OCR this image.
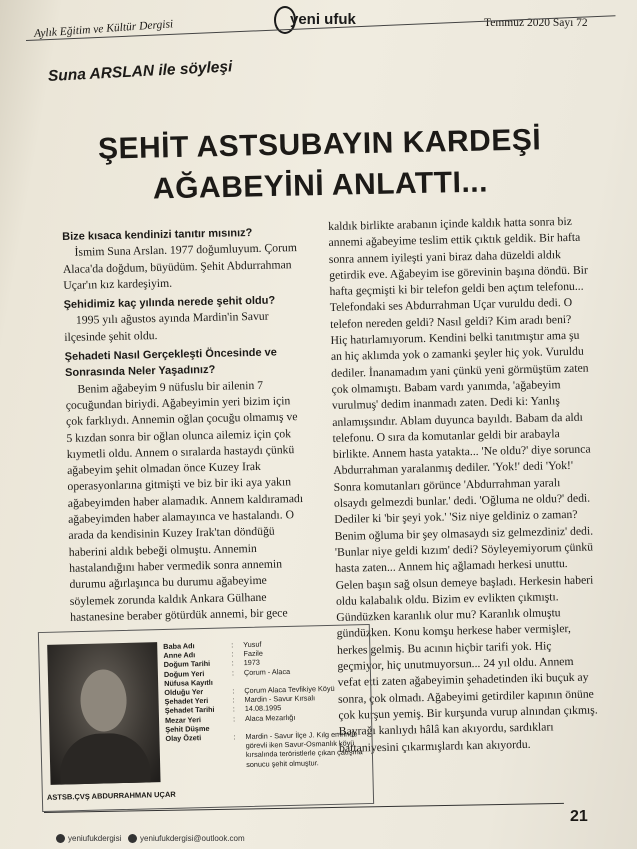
Aylık Eğitim ve Kültür Dergisi	yeni ufuk	Temmuz 2020 Sayı 72
Suna ARSLAN ile söyleşi
ŞEHİT ASTSUBAYIN KARDEŞİ
AĞABEYİNİ ANLATTI...

Bize kısaca kendinizi tanıtır mısınız?

İsmim Suna Arslan. 1977 doğumluyum. Çorum Alaca'da doğdum, büyüdüm. Şehit Abdurrahman Uçar'ın kız kardeşiyim.

Şehidimiz kaç yılında nerede şehit oldu?

1995 yılı ağustos ayında Mardin'in Savur ilçesinde şehit oldu.

Şehadeti Nasıl Gerçekleşti Öncesinde ve Sonrasında Neler Yaşadınız?

Benim ağabeyim 9 nüfuslu bir ailenin 7 çocuğundan biriydi. Ağabeyimin yeri bizim için çok farklıydı. Annemin oğlan çocuğu olmamış ve 5 kızdan sonra bir oğlan olunca ailemiz için çok kıymetli oldu. Annem o sıralarda hastaydı çünkü ağabeyim şehit olmadan önce Kuzey Irak operasyonlarına gitmişti ve biz bir iki aya yakın ağabeyimden haber alamadık. Annem kaldıramadı ağabeyimden haber alamayınca ve hastalandı. O arada da kendisinin Kuzey Irak'tan döndüğü haberini aldık bebeği olmuştu. Annemin hastalandığını haber vermedik sonra annemin durumu ağırlaşınca bu durumu ağabeyime söylemek zorunda kaldık Ankara Gülhane hastanesine beraber götürdük annemi, bir gece

kaldık birlikte arabanın içinde kaldık hatta sonra biz annemi ağabeyime teslim ettik çıktık geldik. Bir hafta sonra annem iyileşti yani biraz daha düzeldi aldık getirdik eve. Ağabeyim ise görevinin başına döndü. Bir hafta geçmişti ki bir telefon geldi ben açtım telefonu... Telefondaki ses Abdurrahman Uçar vuruldu dedi. O telefon nereden geldi? Nasıl geldi? Kim aradı beni? Hiç hatırlamıyorum. Kendini belki tanıtmıştır ama şu an hiç aklımda yok o zamanki şeyler hiç yok. Vuruldu dediler. İnanamadım yani çünkü yeni görmüştüm zaten çok olmamıştı. Babam vardı yanımda, 'ağabeyim vurulmuş' dedim inanmadı zaten. Dedi ki: Yanlış anlamışsındır. Ablam duyunca bayıldı. Babam da aldı telefonu. O sıra da komutanlar geldi bir arabayla birlikte. Annem hasta yatakta... 'Ne oldu?' diye sorunca Abdurrahman yaralanmış dediler. 'Yok!' dedi 'Yok!' Sonra komutanları görünce 'Abdurrahman yaralı olsaydı gelmezdi bunlar.' dedi. 'Oğluma ne oldu?' dedi. Dediler ki 'bir şeyi yok.' 'Siz niye geldiniz o zaman? Benim oğluma bir şey olmasaydı siz gelmezdiniz' dedi. 'Bunlar niye geldi kızım' dedi? Söyleyemiyorum çünkü hasta zaten... Annem hiç ağlamadı herkesi unuttu. Gelen başın sağ olsun demeye başladı. Herkesin haberi oldu kalabalık oldu. Bizim ev evlikten çıkmıştı. Gündüzken karanlık olur mu? Karanlık olmuştu gündüzken. Konu komşu herkese haber vermişler, herkes gelmiş. Bu acının hiçbir tarifi yok. Hiç geçmiyor, hiç unutmuyorsun... 24 yıl oldu. Annem vefat etti zaten ağabeyimin şehadetinden iki buçuk ay sonra, çok olmadı. Ağabeyimi getirdiler kapının önüne çok kurşun yemiş. Bir kurşunda vurup alnından çıkmış. Bayrağı kanlıydı hâlâ kan akıyordu, sardıkları battaniyesini çıkarmışlardı kan akıyordu.

ASTSB.ÇVŞ ABDURRAHMAN UÇAR
Baba Adı	:	Yusuf
Anne Adı	:	Fazile
Doğum Tarihi	:	1973
Doğum Yeri	:	Çorum - Alaca
Nüfusa Kayıtlı
Olduğu Yer	:	Çorum Alaca Tevfikiye Köyü
Şehadet Yeri	:	Mardin - Savur Kırsalı
Şehadet Tarihi	:	14.08.1995
Mezar Yeri	:	Alaca Mezarlığı
Şehit Düşme
Olay Özeti	:	Mardin - Savur İlçe J. Kılg emrinde görevli iken Savur-Osmanlık köyü kırsalında teröristlerle çıkan çatışma sonucu şehit olmuştur.
21
yeniufukdergisi yeniufukdergisi@outlook.com
